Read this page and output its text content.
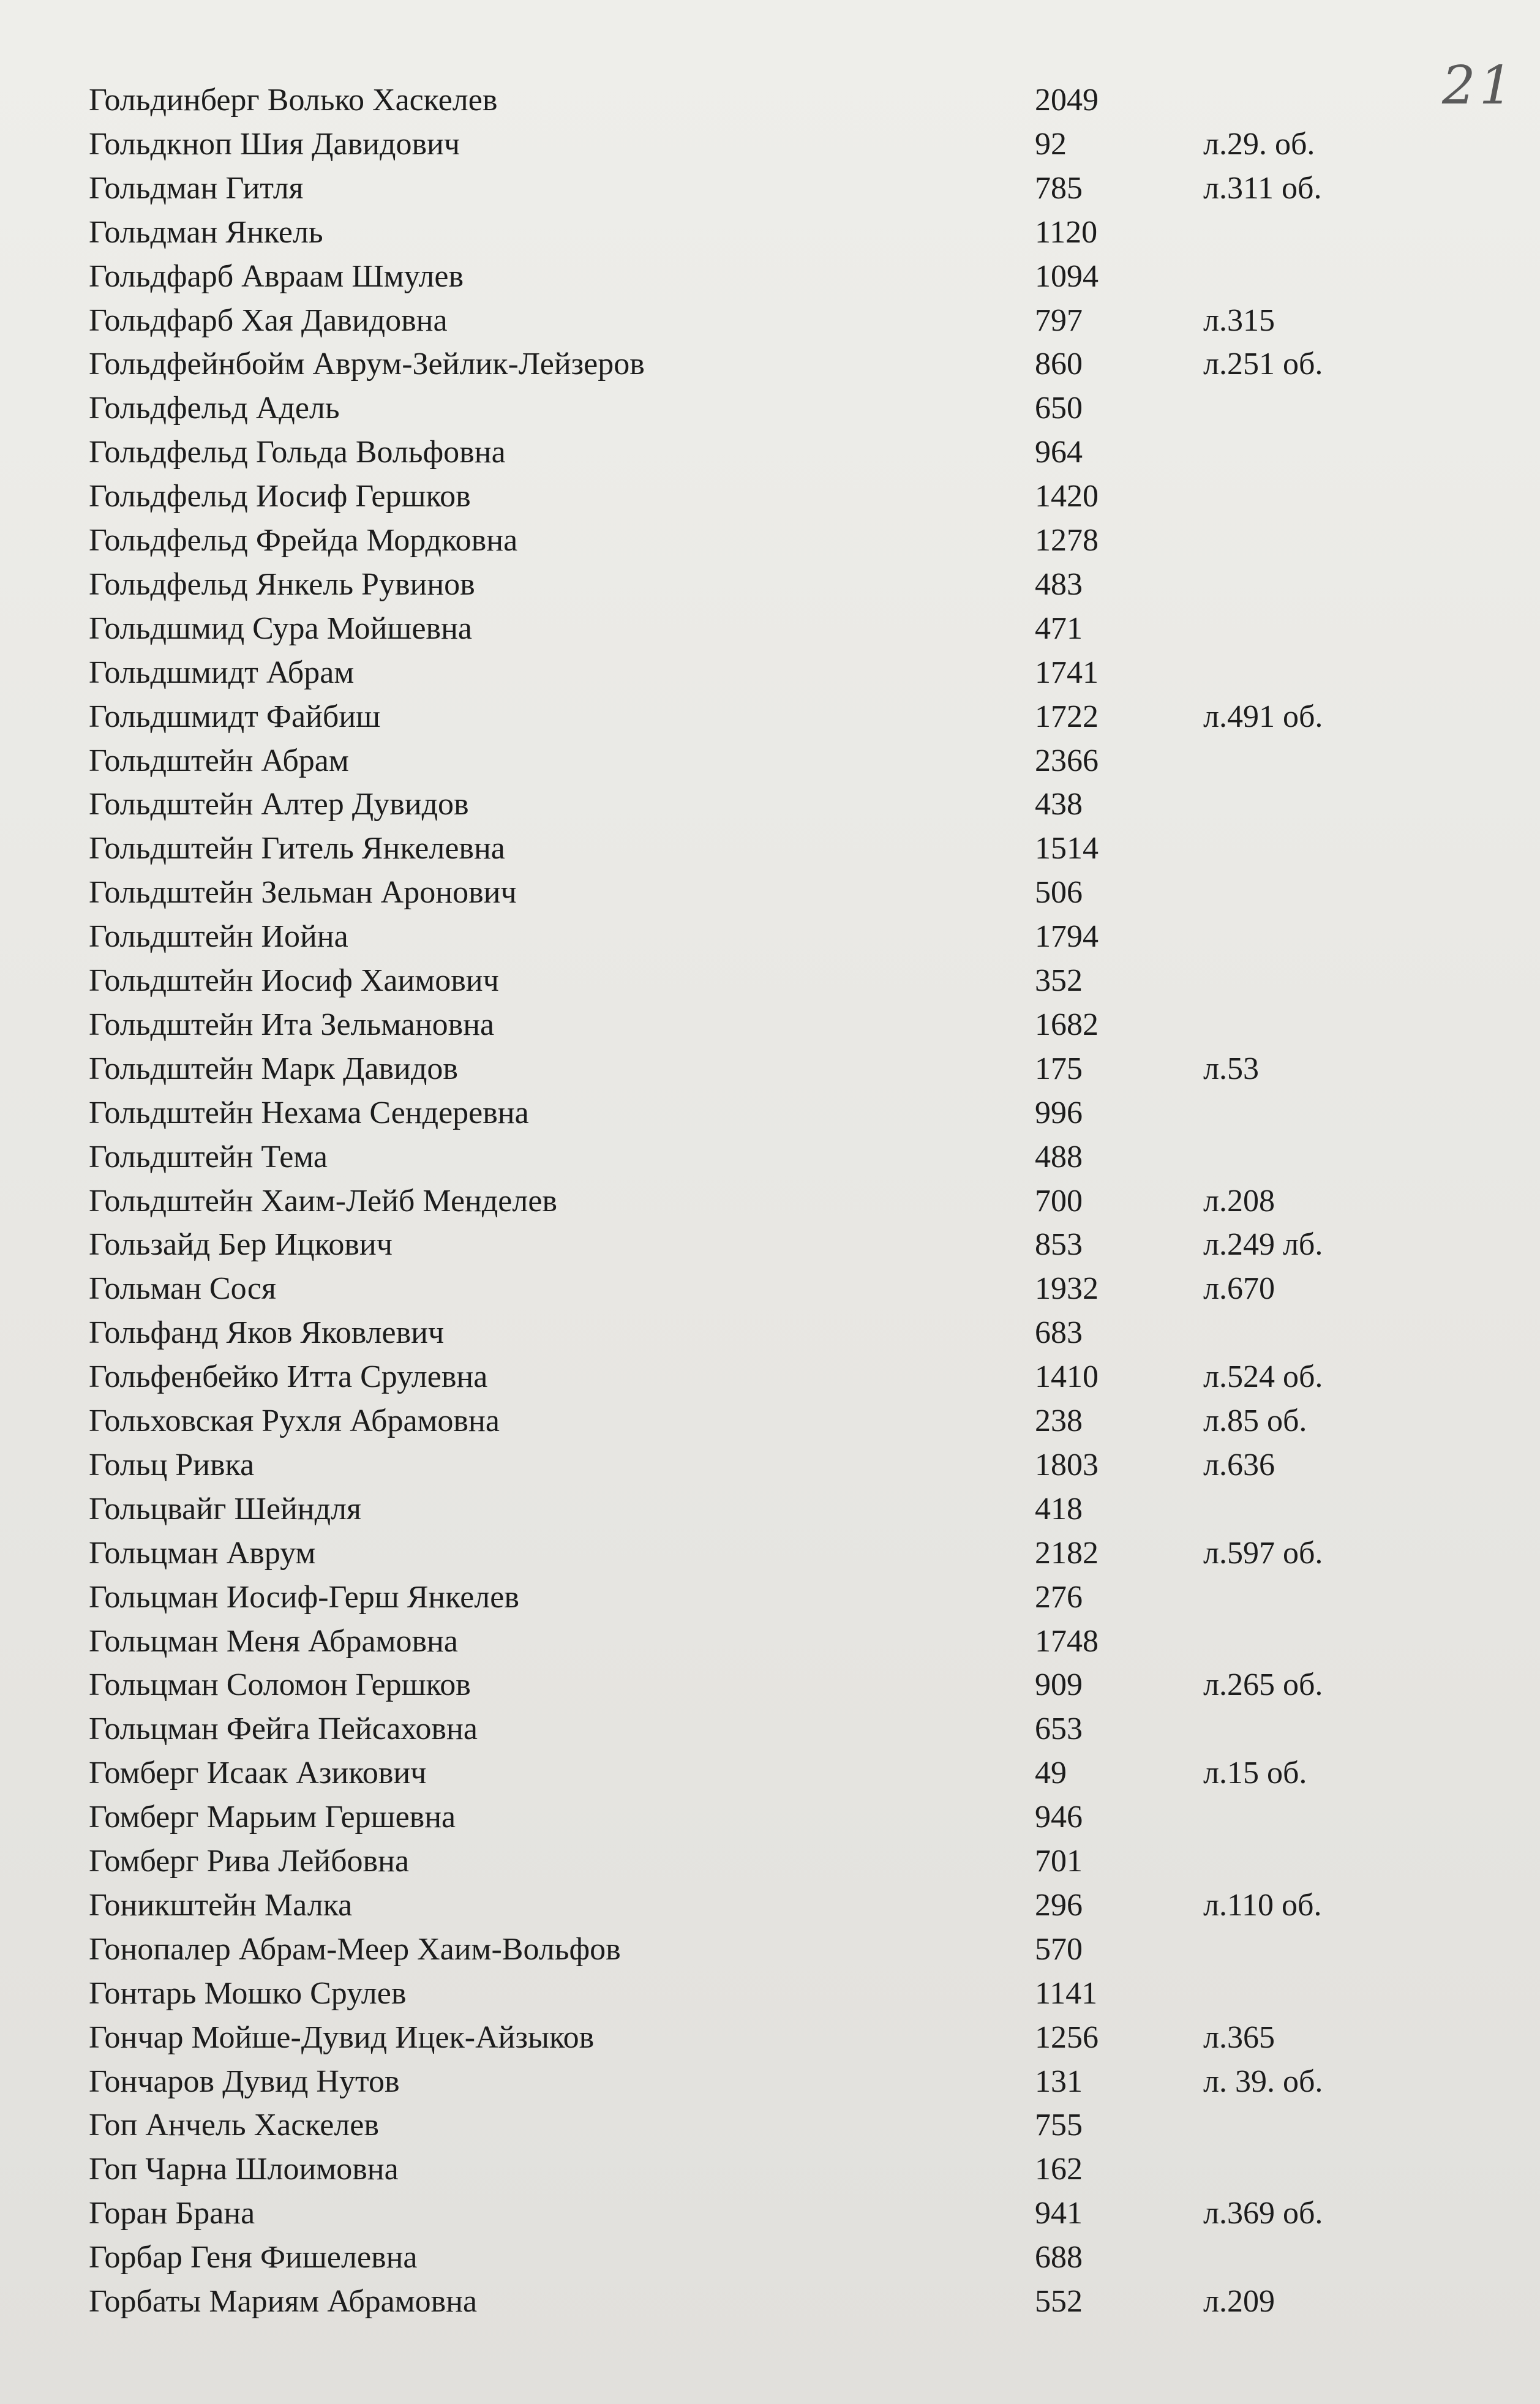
21
Гольдинберг Волько Хаскелев	2049
Гольдкноп Шия Давидович	92	л.29. об.
Гольдман Гитля	785	л.311 об.
Гольдман Янкель	1120
Гольдфарб Авраам Шмулев	1094
Гольдфарб Хая Давидовна	797	л.315
Гольдфейнбойм Аврум-Зейлик-Лейзеров	860	л.251 об.
Гольдфельд Адель	650
Гольдфельд Гольда Вольфовна	964
Гольдфельд Иосиф Гершков	1420
Гольдфельд Фрейда Мордковна	1278
Гольдфельд Янкель Рувинов	483
Гольдшмид Сура Мойшевна	471
Гольдшмидт Абрам	1741
Гольдшмидт Файбиш	1722	л.491 об.
Гольдштейн Абрам	2366
Гольдштейн Алтер Дувидов	438
Гольдштейн Гитель Янкелевна	1514
Гольдштейн Зельман Аронович	506
Гольдштейн Иойна	1794
Гольдштейн Иосиф Хаимович	352
Гольдштейн Ита Зельмановна	1682
Гольдштейн Марк Давидов	175	л.53
Гольдштейн Нехама Сендеревна	996
Гольдштейн Тема	488
Гольдштейн Хаим-Лейб Менделев	700	л.208
Гользайд Бер Ицкович	853	л.249 лб.
Гольман Сося	1932	л.670
Гольфанд Яков Яковлевич	683
Гольфенбейко Итта Срулевна	1410	л.524 об.
Гольховская Рухля Абрамовна	238	л.85 об.
Гольц Ривка	1803	л.636
Гольцвайг Шейндля	418
Гольцман Аврум	2182	л.597 об.
Гольцман Иосиф-Герш Янкелев	276
Гольцман Меня Абрамовна	1748
Гольцман Соломон Гершков	909	л.265 об.
Гольцман Фейга Пейсаховна	653
Гомберг Исаак Азикович	49	л.15 об.
Гомберг Марьим Гершевна	946
Гомберг Рива Лейбовна	701
Гоникштейн Малка	296	л.110 об.
Гонопалер Абрам-Меер Хаим-Вольфов	570
Гонтарь Мошко Срулев	1141
Гончар Мойше-Дувид Ицек-Айзыков	1256	л.365
Гончаров Дувид Нутов	131	л. 39. об.
Гоп Анчель Хаскелев	755
Гоп Чарна Шлоимовна	162
Горан Брана	941	л.369 об.
Горбар Геня Фишелевна	688
Горбаты Мариям Абрамовна	552	л.209
